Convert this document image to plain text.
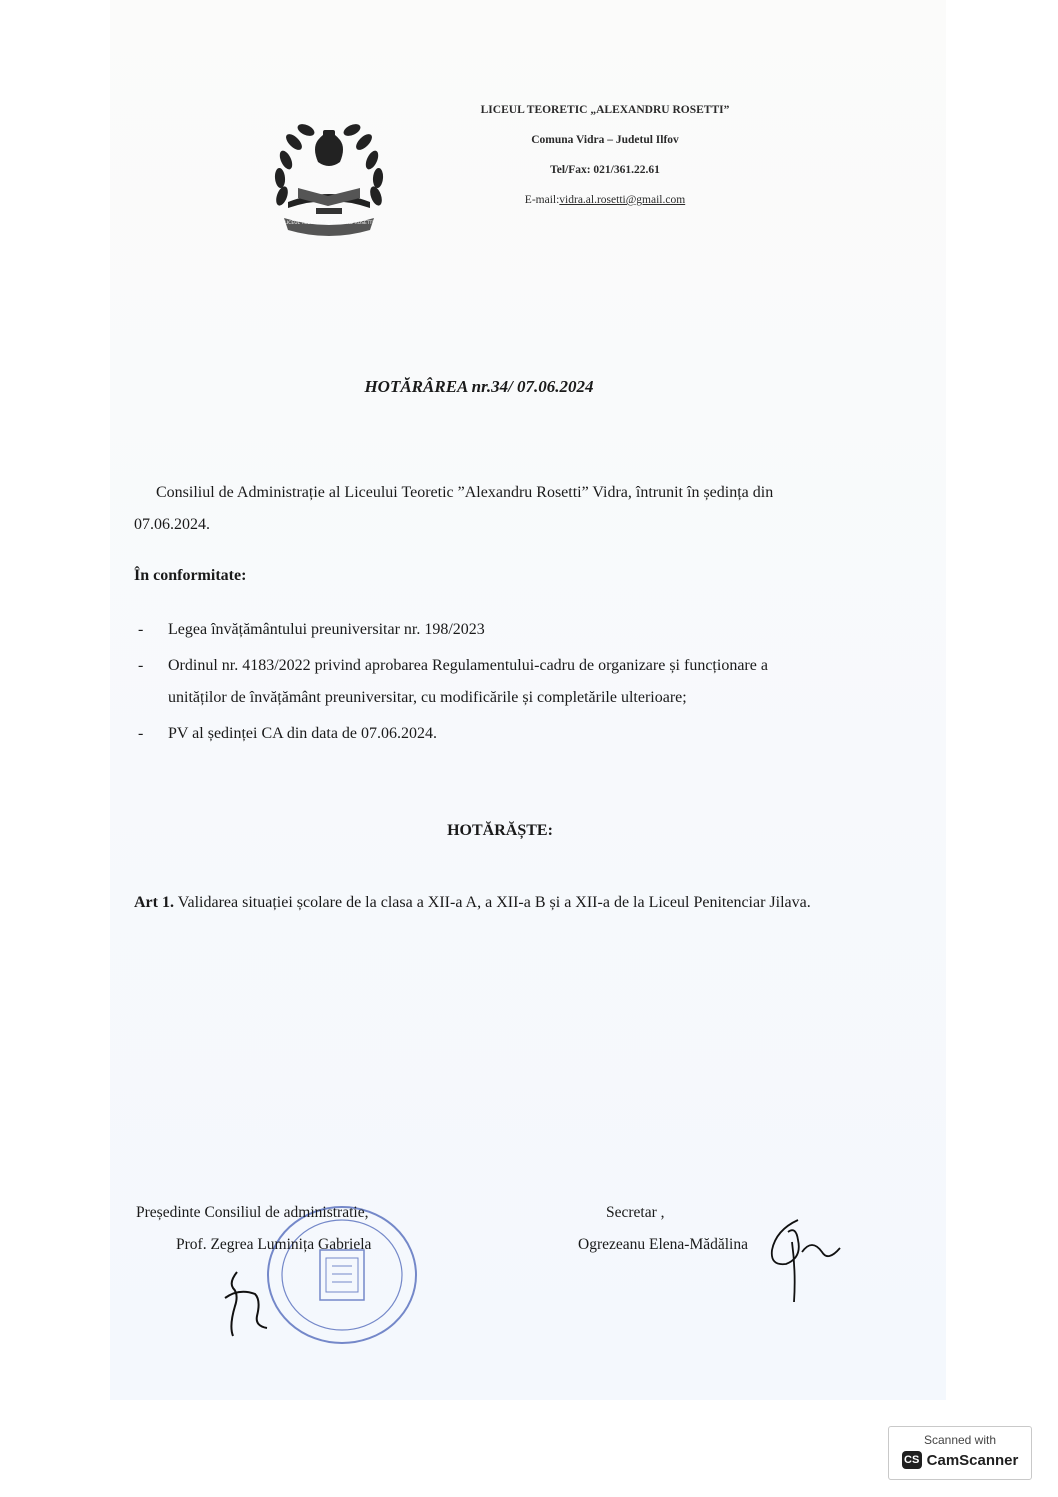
LICEUL TEORETIC ALEXANDRU ROSETTI
LICEUL TEORETIC „ALEXANDRU ROSETTI”
Comuna Vidra – Judetul Ilfov
Tel/Fax: 021/361.22.61
E-mail:vidra.al.rosetti@gmail.com
HOTĂRÂREA nr.34/ 07.06.2024
Consiliul de Administrație al Liceului Teoretic ”Alexandru Rosetti” Vidra, întrunit în ședința din 07.06.2024.
În conformitate:
- Legea învățământului preuniversitar nr. 198/2023
- Ordinul nr. 4183/2022 privind aprobarea Regulamentului-cadru de organizare și funcționare a unităților de învățământ preuniversitar, cu modificările și completările ulterioare;
- PV al ședinței CA din data de 07.06.2024.
HOTĂRĂȘTE:
Art 1. Validarea situației școlare de la clasa a XII-a A, a XII-a B și a XII-a de la Liceul Penitenciar Jilava.
Președinte Consiliul de administratie,
Prof. Zegrea Luminița Gabriela
Secretar ,
Ogrezeanu Elena-Mădălina
Scanned with
CS CamScanner
